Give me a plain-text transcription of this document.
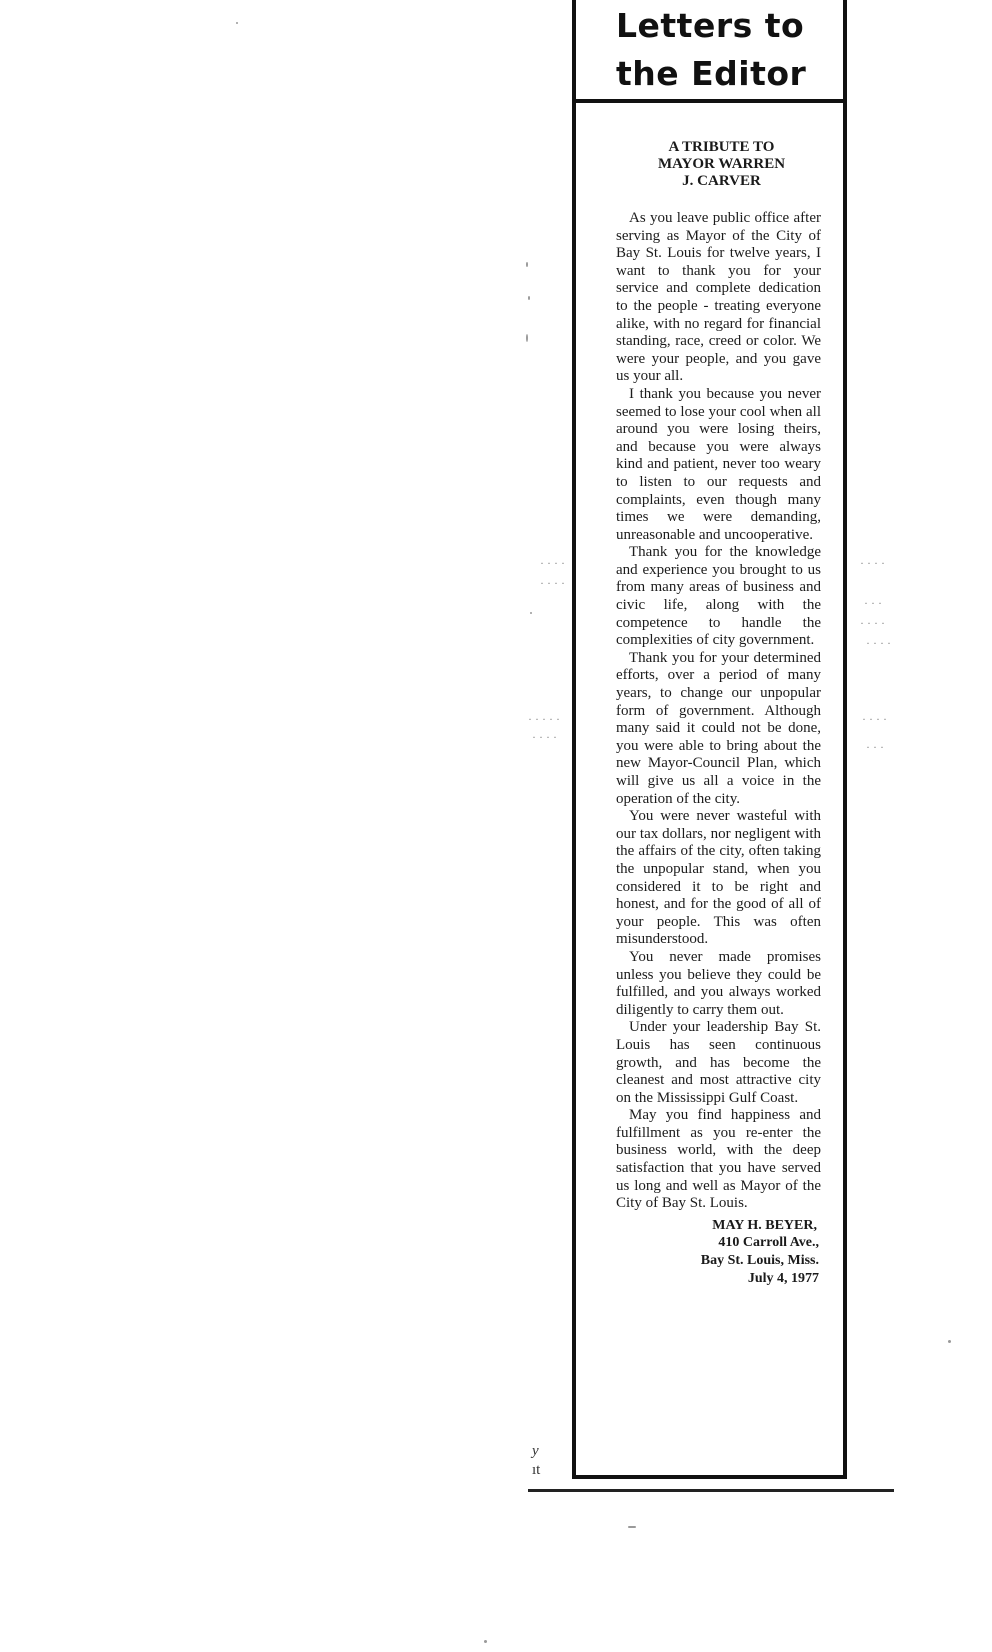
· · · ·
· · · ·
· · · · ·
· · · ·
· · · ·
· · ·
· · · ·
· · · ·
· · · ·
· · ·
y
ıt
Letters to
the Editor
A TRIBUTE TO
MAYOR WARREN
J. CARVER

As you leave public office after serving as Mayor of the City of Bay St. Louis for twelve years, I want to thank you for your service and complete dedication to the people - treating everyone alike, with no regard for financial standing, race, creed or color. We were your people, and you gave us your all.

I thank you because you never seemed to lose your cool when all around you were losing theirs, and because you were always kind and patient, never too weary to listen to our requests and complaints, even though many times we were demanding, unreasonable and uncooperative.

Thank you for the knowledge and experience you brought to us from many areas of business and civic life, along with the competence to handle the complexities of city government.

Thank you for your determined efforts, over a period of many years, to change our unpopular form of government. Although many said it could not be done, you were able to bring about the new Mayor-Council Plan, which will give us all a voice in the operation of the city.

You were never wasteful with our tax dollars, nor negligent with the affairs of the city, often taking the unpopular stand, when you considered it to be right and honest, and for the good of all of your people. This was often misunderstood.

You never made promises unless you believe they could be fulfilled, and you always worked diligently to carry them out.

Under your leadership Bay St. Louis has seen continuous growth, and has become the cleanest and most attractive city on the Mississippi Gulf Coast.

May you find happiness and fulfillment as you re-enter the business world, with the deep satisfaction that you have served us long and well as Mayor of the City of Bay St. Louis.

MAY H. BEYER,
410 Carroll Ave.,
Bay St. Louis, Miss.
July 4, 1977
